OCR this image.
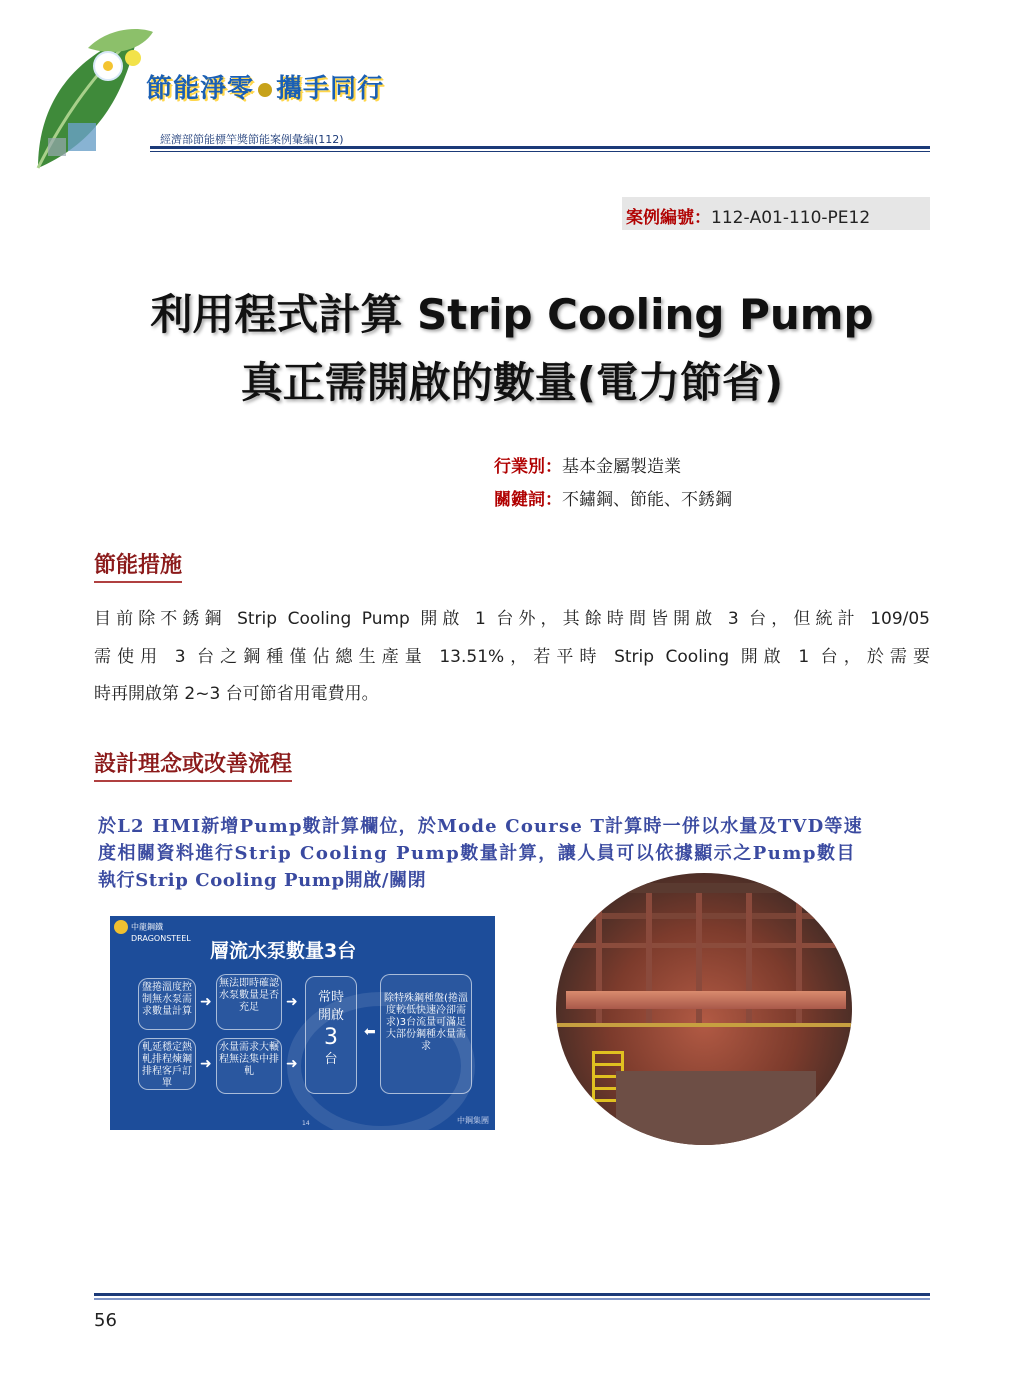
節能淨零 攜手同行
經濟部節能標竿獎節能案例彙編(112)
案例編號：112-A01-110-PE12
利用程式計算 Strip Cooling Pump
真正需開啟的數量(電力節省)
行業別：基本金屬製造業
關鍵詞：不鏽鋼、節能、不銹鋼
節能措施
目前除不銹鋼 Strip Cooling Pump 開啟 1 台外，其餘時間皆開啟 3 台，但統計 109/05
需使用 3 台之鋼種僅佔總生產量 13.51%，若平時 Strip Cooling 開啟 1 台，於需要
時再開啟第 2~3 台可節省用電費用。
設計理念或改善流程
於L2 HMI新增Pump數計算欄位，於Mode Course T計算時一併以水量及TVD等速
度相關資料進行Strip Cooling Pump數量計算，讓人員可以依據顯示之Pump數目
執行Strip Cooling Pump開啟/關閉
中龍鋼鐵
DRAGONSTEEL
層流水泵數量3台
盤捲溫度控制無水泵需求數量計算
軋延穩定熱軋排程煉鋼排程客戶訂單
➜
➜
無法即時確認水泵數量是否充足
水量需求大輾程無法集中排軋
➜
➜
常時
開啟
3
台
⬅
除特殊鋼種盤(捲溫度較低快速冷卻需求)3台流量可滿足大部份鋼種水量需求
14	中鋼集團
56
